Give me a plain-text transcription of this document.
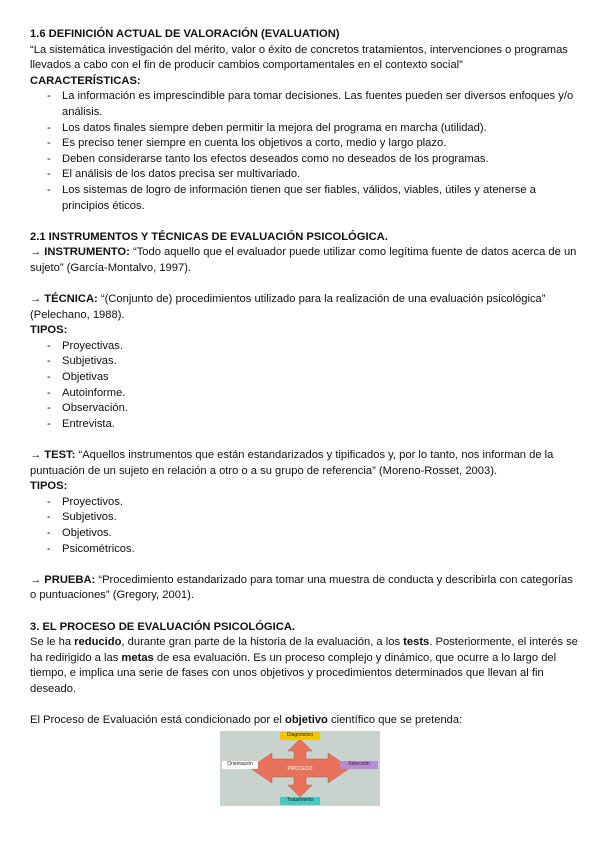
1.6 DEFINICIÓN ACTUAL DE VALORACIÓN (EVALUATION)

“La sistemática investigación del mérito, valor o éxito de concretos tratamientos, intervenciones o programas llevados a cabo con el fin de producir cambios comportamentales en el contexto social”

CARACTERÍSTICAS:
- La información es imprescindible para tomar decisiones. Las fuentes pueden ser diversos enfoques y/o análisis.
- Los datos finales siempre deben permitir la mejora del programa en marcha (utilidad).
- Es preciso tener siempre en cuenta los objetivos a corto, medio y largo plazo.
- Deben considerarse tanto los efectos deseados como no deseados de los programas.
- El análisis de los datos precisa ser multivariado.
- Los sistemas de logro de información tienen que ser fiables, válidos, viables, útiles y atenerse a principios éticos.
2.1 INSTRUMENTOS Y TÉCNICAS DE EVALUACIÓN PSICOLÓGICA.

→ INSTRUMENTO: “Todo aquello que el evaluador puede utilizar como legítima fuente de datos acerca de un sujeto” (García-Montalvo, 1997).

→ TÉCNICA: “(Conjunto de) procedimientos utilizado para la realización de una evaluación psicológica” (Pelechano, 1988).

TIPOS:
- Proyectivas.
- Subjetivas.
- Objetivas
- Autoinforme.
- Observación.
- Entrevista.

→ TEST: “Aquellos instrumentos que están estandarizados y tipificados y, por lo tanto, nos informan de la puntuación de un sujeto en relación a otro o a su grupo de referencia” (Moreno-Rosset, 2003).

TIPOS:
- Proyectivos.
- Subjetivos.
- Objetivos.
- Psicométricos.

→ PRUEBA: “Procedimiento estandarizado para tomar una muestra de conducta y describirla con categorías o puntuaciones” (Gregory, 2001).

3. EL PROCESO DE EVALUACIÓN PSICOLÓGICA.

Se le ha reducido, durante gran parte de la historia de la evaluación, a los tests. Posteriormente, el interés se ha redirigido a las metas de esa evaluación. Es un proceso complejo y dinámico, que ocurre a lo largo del tiempo, e implica una serie de fases con unos objetivos y procedimientos determinados que llevan al fin deseado.

El Proceso de Evaluación está condicionado por el objetivo científico que se pretenda:

PROCESO
Diagnóstico
Orientación	Selección
Tratamiento
